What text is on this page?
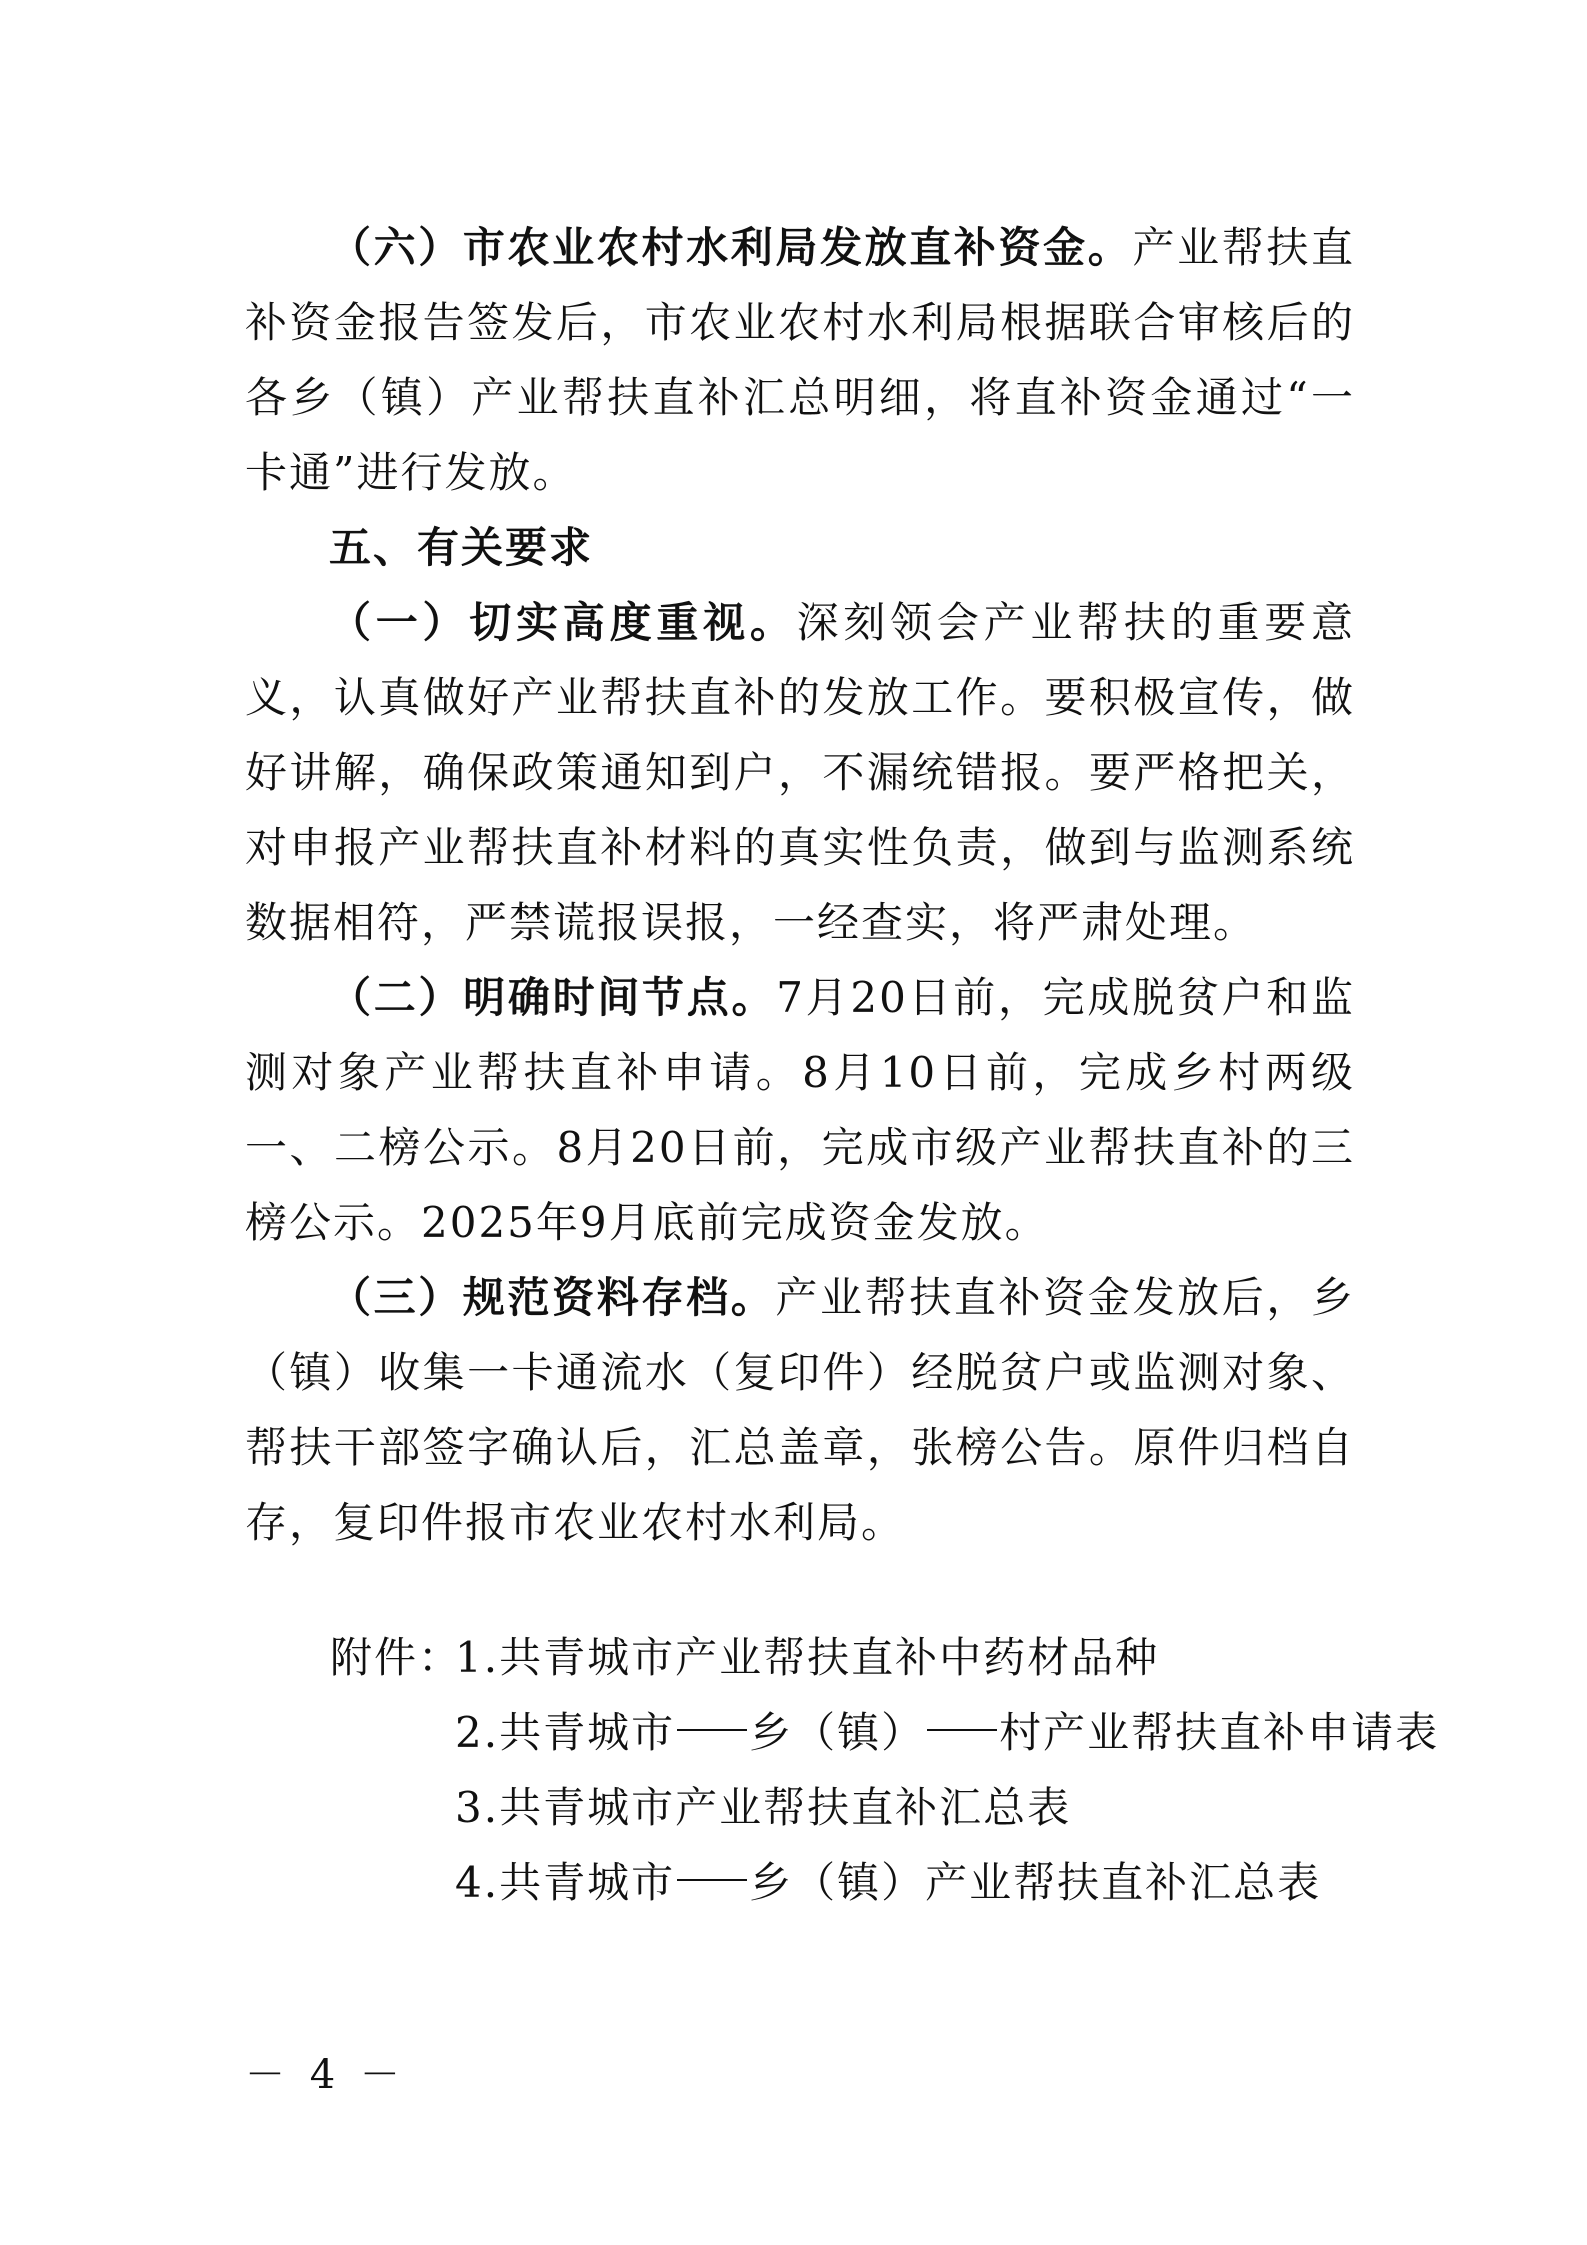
（六）市农业农村水利局发放直补资金。产业帮扶直补资金报告签发后，市农业农村水利局根据联合审核后的各乡（镇）产业帮扶直补汇总明细，将直补资金通过“一卡通”进行发放。

五、有关要求

（一）切实高度重视。深刻领会产业帮扶的重要意义，认真做好产业帮扶直补的发放工作。要积极宣传，做好讲解，确保政策通知到户，不漏统错报。要严格把关，对申报产业帮扶直补材料的真实性负责，做到与监测系统数据相符，严禁谎报误报，一经查实，将严肃处理。

（二）明确时间节点。7月20日前，完成脱贫户和监测对象产业帮扶直补申请。8月10日前，完成乡村两级一、二榜公示。8月20日前，完成市级产业帮扶直补的三榜公示。2025年9月底前完成资金发放。

（三）规范资料存档。产业帮扶直补资金发放后，乡（镇）收集一卡通流水（复印件）经脱贫户或监测对象、帮扶干部签字确认后，汇总盖章，张榜公告。原件归档自存，复印件报市农业农村水利局。

附件：
1. 共青城市产业帮扶直补中药材品种
2. 共青城市 乡（镇） 村产业帮扶直补申请表
3. 共青城市产业帮扶直补汇总表
4. 共青城市 乡（镇）产业帮扶直补汇总表
－ 4 －
